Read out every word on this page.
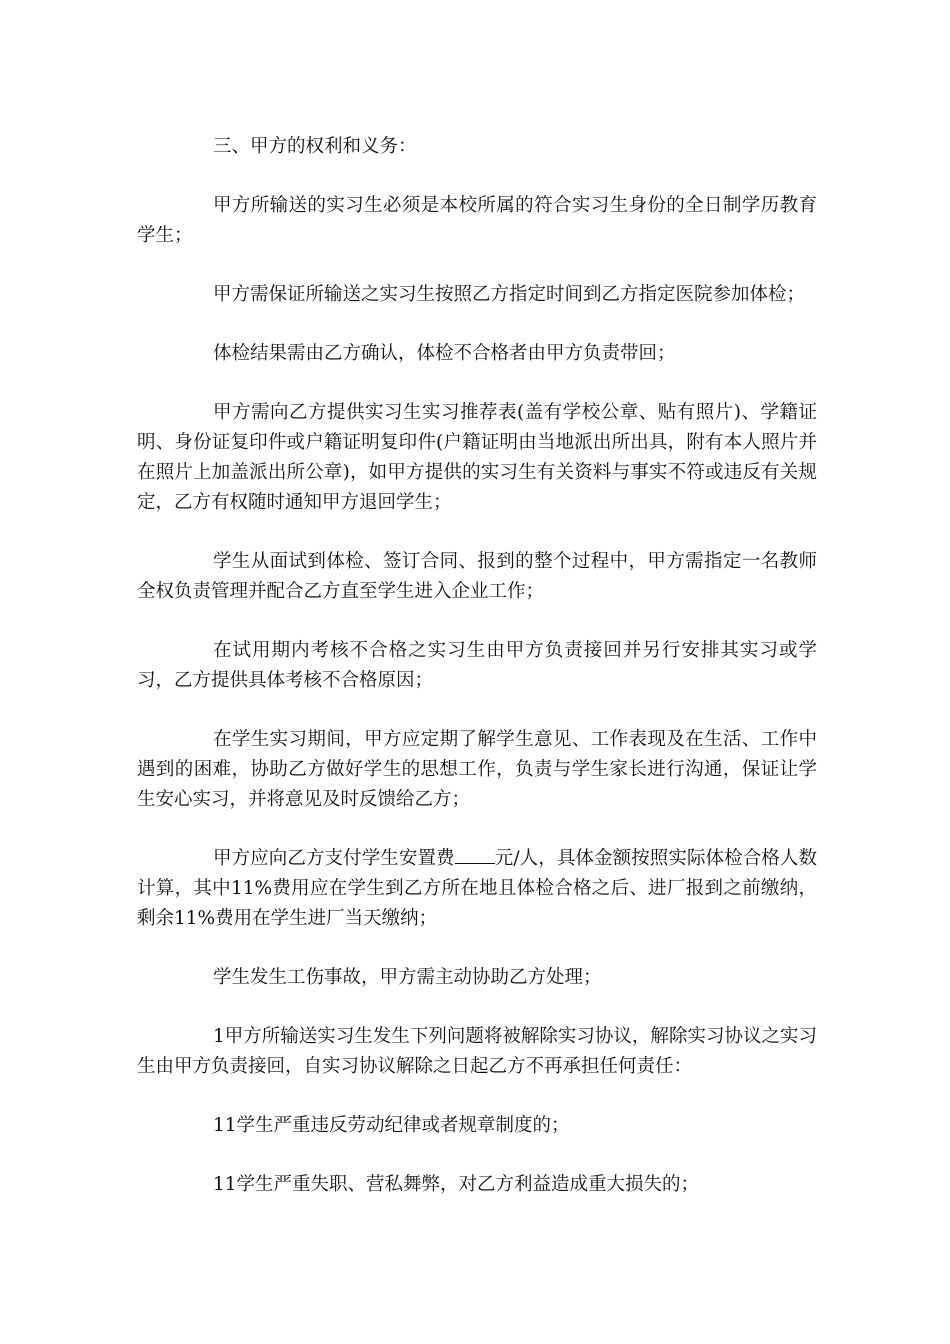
三、甲方的权利和义务：

甲方所输送的实习生必须是本校所属的符合实习生身份的全日制学历教育学生；

甲方需保证所输送之实习生按照乙方指定时间到乙方指定医院参加体检；

体检结果需由乙方确认，体检不合格者由甲方负责带回；

甲方需向乙方提供实习生实习推荐表(盖有学校公章、贴有照片)、学籍证明、身份证复印件或户籍证明复印件(户籍证明由当地派出所出具，附有本人照片并在照片上加盖派出所公章)，如甲方提供的实习生有关资料与事实不符或违反有关规定，乙方有权随时通知甲方退回学生；

学生从面试到体检、签订合同、报到的整个过程中，甲方需指定一名教师全权负责管理并配合乙方直至学生进入企业工作；

在试用期内考核不合格之实习生由甲方负责接回并另行安排其实习或学习，乙方提供具体考核不合格原因；

在学生实习期间，甲方应定期了解学生意见、工作表现及在生活、工作中遇到的困难，协助乙方做好学生的思想工作，负责与学生家长进行沟通，保证让学生安心实习，并将意见及时反馈给乙方；

甲方应向乙方支付学生安置费 元/人，具体金额按照实际体检合格人数计算，其中11%费用应在学生到乙方所在地且体检合格之后、进厂报到之前缴纳，剩余11%费用在学生进厂当天缴纳；

学生发生工伤事故，甲方需主动协助乙方处理；

1甲方所输送实习生发生下列问题将被解除实习协议，解除实习协议之实习生由甲方负责接回，自实习协议解除之日起乙方不再承担任何责任：

11学生严重违反劳动纪律或者规章制度的；

11学生严重失职、营私舞弊，对乙方利益造成重大损失的；
